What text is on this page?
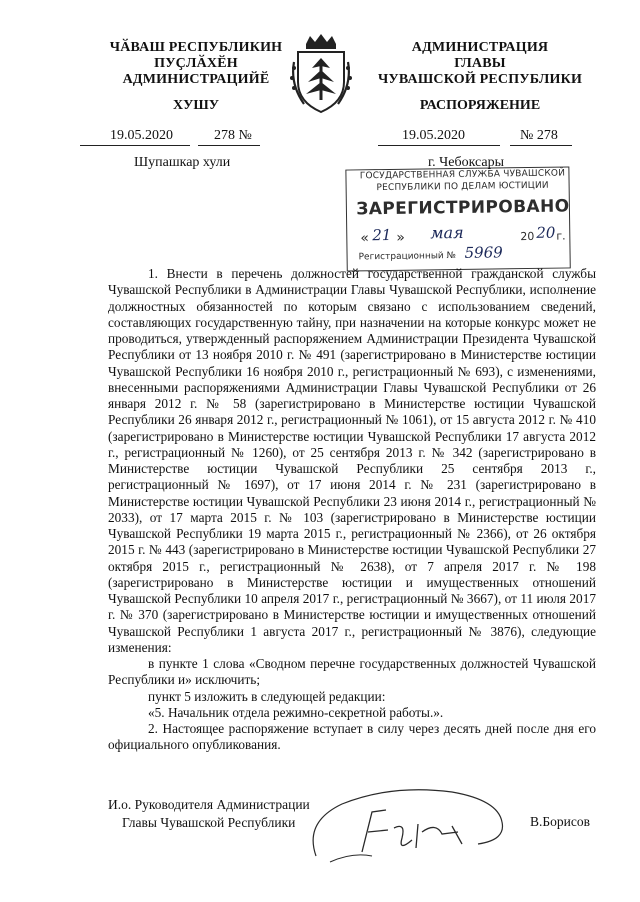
ЧӐВАШ РЕСПУБЛИКИН
ПУҪЛӐХӖН
АДМИНИСТРАЦИЙӖ
АДМИНИСТРАЦИЯ
ГЛАВЫ
ЧУВАШСКОЙ РЕСПУБЛИКИ
ХУШУ	РАСПОРЯЖЕНИЕ
19.05.2020	278 №	19.05.2020	№ 278
Шупашкар хули	г. Чебоксары
ГОСУДАРСТВЕННАЯ СЛУЖБА ЧУВАШСКОЙ
РЕСПУБЛИКИ ПО ДЕЛАМ ЮСТИЦИИ
ЗАРЕГИСТРИРОВАНО
« 21 » мая	20 20 г.
Регистрационный № 5969

1. Внести в перечень должностей государственной гражданской службы Чувашской Республики в Администрации Главы Чувашской Республики, исполнение должностных обязанностей по которым связано с использованием сведений, составляющих государственную тайну, при назначении на которые конкурс может не проводиться, утвержденный распоряжением Администрации Президента Чувашской Республики от 13 ноября 2010 г. № 491 (зарегистрировано в Министерстве юстиции Чувашской Республики 16 ноября 2010 г., регистрационный № 693), с изменениями, внесенными распоряжениями Администрации Главы Чувашской Республики от 26 января 2012 г. № 58 (зарегистрировано в Министерстве юстиции Чувашской Республики 26 января 2012 г., регистрационный № 1061), от 15 августа 2012 г. № 410 (зарегистрировано в Министерстве юстиции Чувашской Республики 17 августа 2012 г., регистрационный № 1260), от 25 сентября 2013 г. № 342 (зарегистрировано в Министерстве юстиции Чувашской Республики 25 сентября 2013 г., регистрационный № 1697), от 17 июня 2014 г. № 231 (зарегистрировано в Министерстве юстиции Чувашской Республики 23 июня 2014 г., регистрационный № 2033), от 17 марта 2015 г. № 103 (зарегистрировано в Министерстве юстиции Чувашской Республики 19 марта 2015 г., регистрационный № 2366), от 26 октября 2015 г. № 443 (зарегистрировано в Министерстве юстиции Чувашской Республики 27 октября 2015 г., регистрационный № 2638), от 7 апреля 2017 г. № 198 (зарегистрировано в Министерстве юстиции и имущественных отношений Чувашской Республики 10 апреля 2017 г., регистрационный № 3667), от 11 июля 2017 г. № 370 (зарегистрировано в Министерстве юстиции и имущественных отношений Чувашской Республики 1 августа 2017 г., регистрационный № 3876), следующие изменения:

в пункте 1 слова «Сводном перечне государственных должностей Чувашской Республики и» исключить;

пункт 5 изложить в следующей редакции:

«5. Начальник отдела режимно-секретной работы.».

2. Настоящее распоряжение вступает в силу через десять дней после дня его официального опубликования.

И.о. Руководителя Администрации
Главы Чувашской Республики	В.Борисов
